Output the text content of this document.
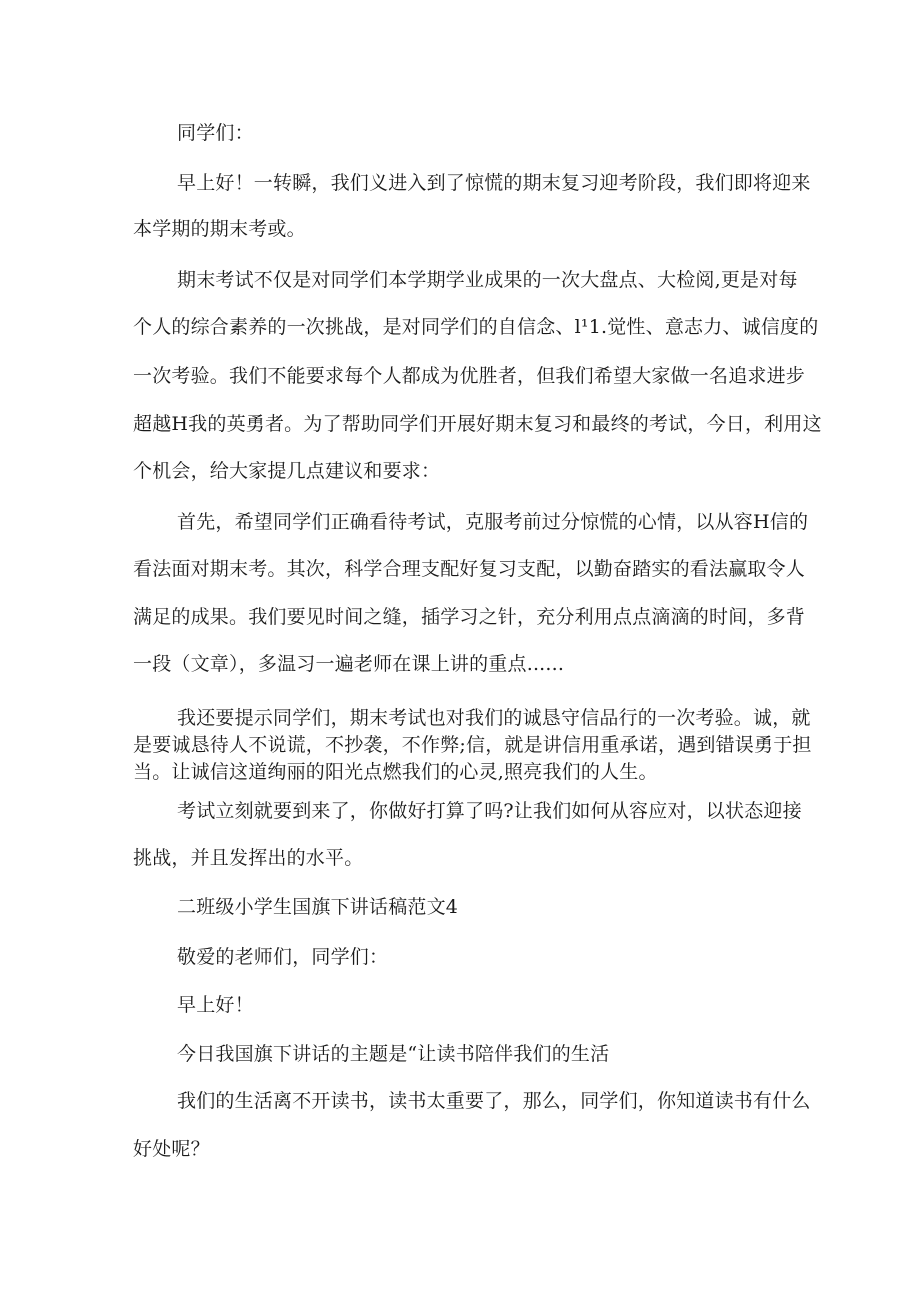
同学们：
早上好！一转瞬，我们义进入到了惊慌的期末复习迎考阶段，我们即将迎来
本学期的期末考或。
期末考试不仅是对同学们本学期学业成果的一次大盘点、大检阅,更是对每
个人的综合素养的一次挑战，是对同学们的自信念、l¹1.觉性、意志力、诚信度的
一次考验。我们不能要求每个人都成为优胜者，但我们希望大家做一名追求进步
超越H我的英勇者。为了帮助同学们开展好期末复习和最终的考试，今日，利用这
个机会，给大家提几点建议和要求：
首先，希望同学们正确看待考试，克服考前过分惊慌的心情，以从容H信的
看法面对期末考。其次，科学合理支配好复习支配，以勤奋踏实的看法赢取令人
满足的成果。我们要见时间之缝，插学习之针，充分利用点点滴滴的时间，多背
一段（文章），多温习一遍老师在课上讲的重点......
我还要提示同学们，期末考试也对我们的诚恳守信品行的一次考验。诚，就
是要诚恳待人不说谎，不抄袭，不作弊;信，就是讲信用重承诺，遇到错误勇于担
当。让诚信这道绚丽的阳光点燃我们的心灵,照亮我们的人生。
考试立刻就要到来了，你做好打算了吗?让我们如何从容应对，以状态迎接
挑战，并且发挥出的水平。
二班级小学生国旗下讲话稿范文4
敬爱的老师们，同学们：
早上好！
今日我国旗下讲话的主题是“让读书陪伴我们的生活
我们的生活离不开读书，读书太重要了，那么，同学们，你知道读书有什么
好处呢？
